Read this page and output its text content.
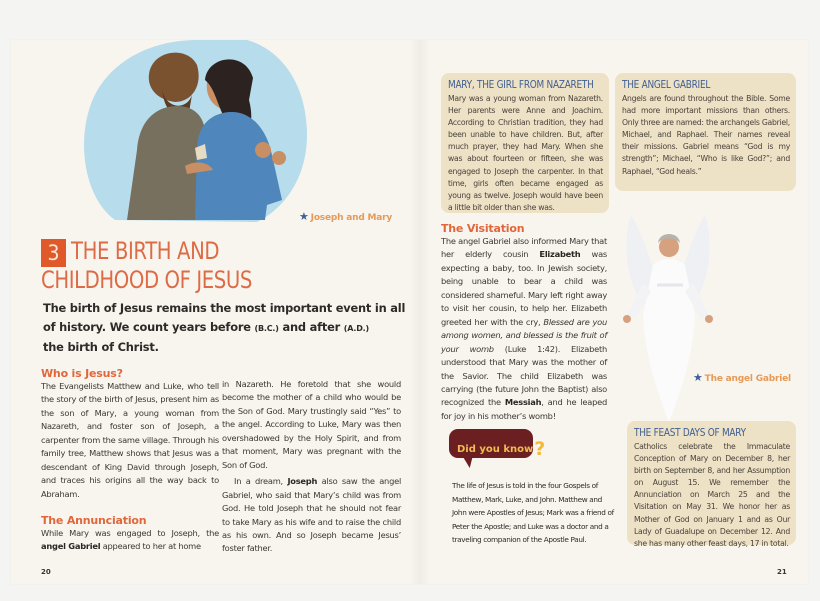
★ Joseph and Mary
3 THE BIRTH AND
CHILDHOOD OF JESUS
The birth of Jesus remains the most important event in all of history. We count years before (B.C.) and after (A.D.)
the birth of Christ.
Who is Jesus?
The Evangelists Matthew and Luke, who tell the story of the birth of Jesus, present him as the son of Mary, a young woman from Nazareth, and foster son of Joseph, a carpenter from the same village. Through his family tree, Matthew shows that Jesus was a descendant of King David through Joseph, and traces his origins all the way back to Abraham.
The Annunciation
While Mary was engaged to Joseph, the angel Gabriel appeared to her at home
in Nazareth. He foretold that she would become the mother of a child who would be the Son of God. Mary trustingly said “Yes” to the angel. According to Luke, Mary was then overshadowed by the Holy Spirit, and from that moment, Mary was pregnant with the Son of God.
In a dream, Joseph also saw the angel Gabriel, who said that Mary’s child was from God. He told Joseph that he should not fear to take Mary as his wife and to raise the child as his own. And so Joseph became Jesus’ foster father.
20
MARY, THE GIRL FROM NAZARETH
Mary was a young woman from Nazareth. Her parents were Anne and Joachim. According to Christian tradition, they had been unable to have children. But, after much prayer, they had Mary. When she was about fourteen or fifteen, she was engaged to Joseph the carpenter. In that time, girls often became engaged as young as twelve. Joseph would have been a little bit older than she was.
THE ANGEL GABRIEL
Angels are found throughout the Bible. Some had more important missions than others. Only three are named: the archangels Gabriel, Michael, and Raphael. Their names reveal their missions. Gabriel means “God is my strength”; Michael, “Who is like God?”; and Raphael, “God heals.”
The Visitation
The angel Gabriel also informed Mary that her elderly cousin Elizabeth was expecting a baby, too. In Jewish society, being unable to bear a child was considered shameful. Mary left right away to visit her cousin, to help her. Elizabeth greeted her with the cry, Blessed are you among women, and blessed is the fruit of your womb (Luke 1:42). Elizabeth understood that Mary was the mother of the Savior. The child Elizabeth was carrying (the future John the Baptist) also recognized the Messiah, and he leaped for joy in his mother’s womb!
Did you know?
The life of Jesus is told in the four Gospels of Matthew, Mark, Luke, and John. Matthew and John were Apostles of Jesus; Mark was a friend of Peter the Apostle; and Luke was a doctor and a traveling companion of the Apostle Paul.
★ The angel Gabriel
THE FEAST DAYS OF MARY
Catholics celebrate the Immaculate Conception of Mary on December 8, her birth on September 8, and her Assumption on August 15. We remember the Annunciation on March 25 and the Visitation on May 31. We honor her as Mother of God on January 1 and as Our Lady of Guadalupe on December 12. And she has many other feast days, 17 in total.
21
